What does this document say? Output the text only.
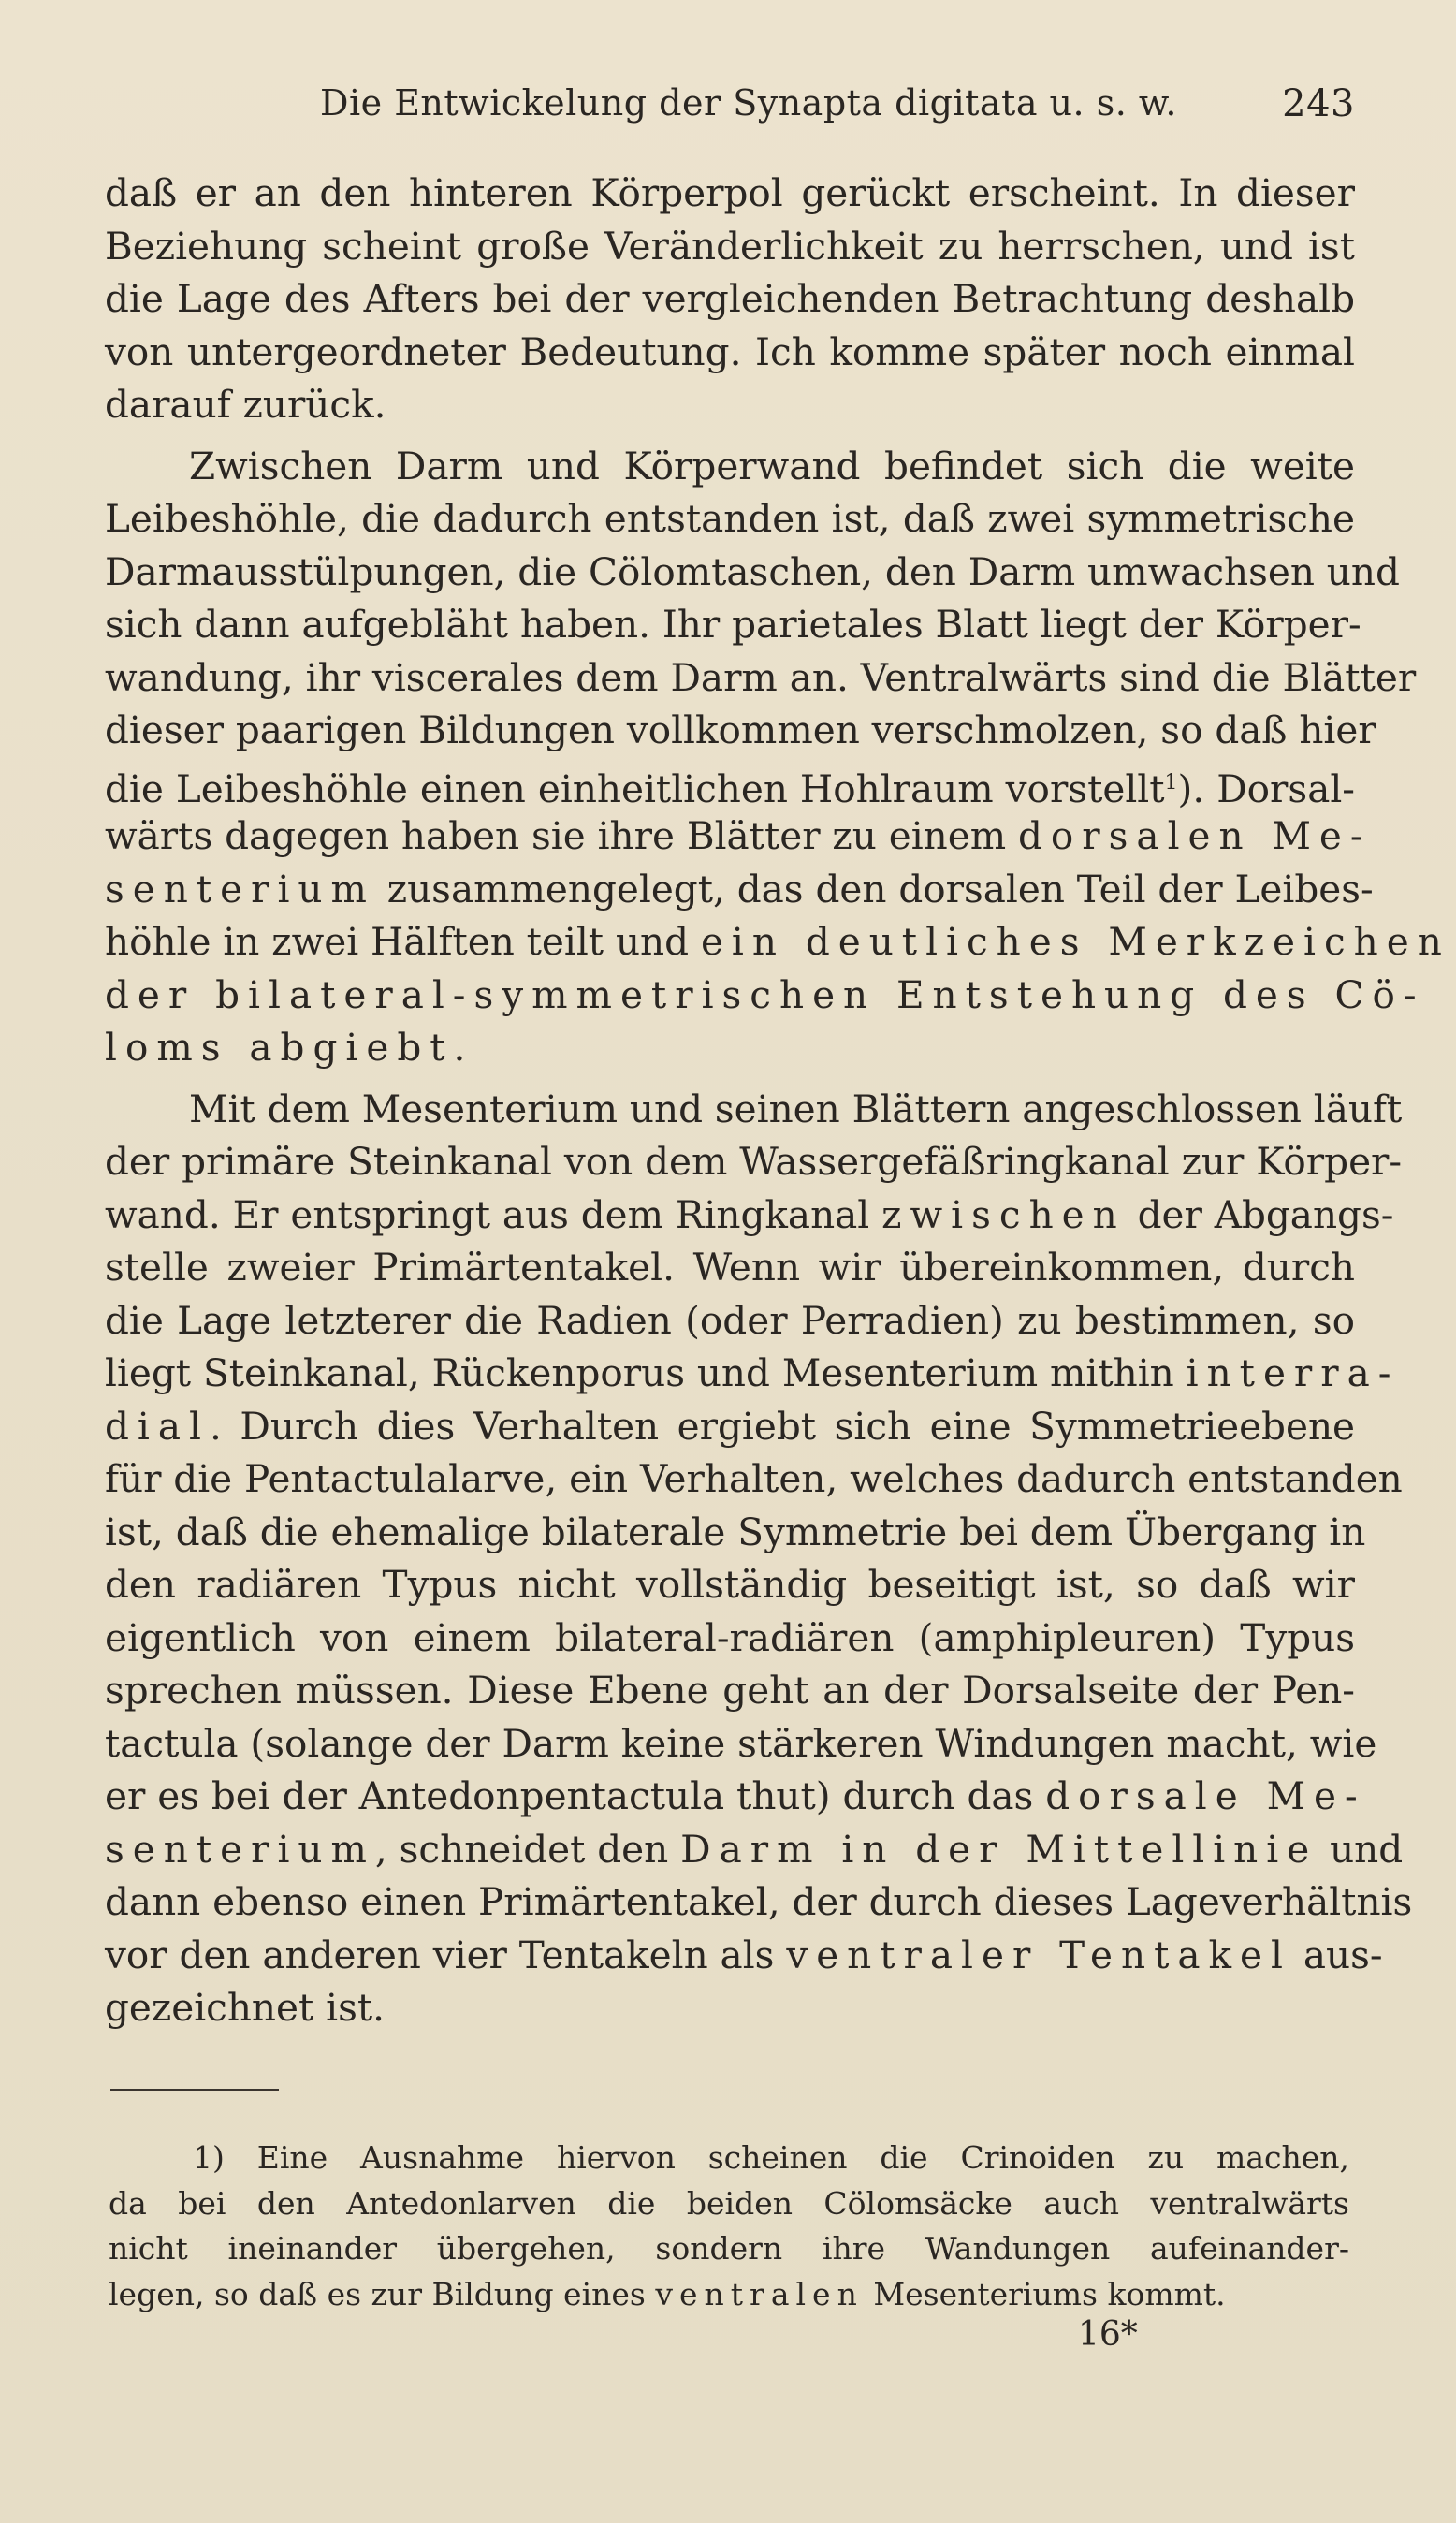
Die Entwickelung der Synapta digitata u. s. w.	243
daß er an den hinteren Körperpol gerückt erscheint. In dieser
Beziehung scheint große Veränderlichkeit zu herrschen, und ist
die Lage des Afters bei der vergleichenden Betrachtung deshalb
von untergeordneter Bedeutung. Ich komme später noch einmal
darauf zurück.
Zwischen Darm und Körperwand befindet sich die weite
Leibeshöhle, die dadurch entstanden ist, daß zwei symmetrische
Darmausstülpungen, die Cölomtaschen, den Darm umwachsen und
sich dann aufgebläht haben. Ihr parietales Blatt liegt der Körper-
wandung, ihr viscerales dem Darm an. Ventralwärts sind die Blätter
dieser paarigen Bildungen vollkommen verschmolzen, so daß hier
die Leibeshöhle einen einheitlichen Hohlraum vorstellt$^1$). Dorsal-
wärts dagegen haben sie ihre Blätter zu einem dorsalen Me-
senterium zusammengelegt, das den dorsalen Teil der Leibes-
höhle in zwei Hälften teilt und ein deutliches Merkzeichen
der bilateral-symmetrischen Entstehung des Cö-
loms abgiebt.
Mit dem Mesenterium und seinen Blättern angeschlossen läuft
der primäre Steinkanal von dem Wassergefäßringkanal zur Körper-
wand. Er entspringt aus dem Ringkanal zwischen der Abgangs-
stelle zweier Primärtentakel. Wenn wir übereinkommen, durch
die Lage letzterer die Radien (oder Perradien) zu bestimmen, so
liegt Steinkanal, Rückenporus und Mesenterium mithin interra-
dial. Durch dies Verhalten ergiebt sich eine Symmetrieebene
für die Pentactulalarve, ein Verhalten, welches dadurch entstanden
ist, daß die ehemalige bilaterale Symmetrie bei dem Übergang in
den radiären Typus nicht vollständig beseitigt ist, so daß wir
eigentlich von einem bilateral-radiären (amphipleuren) Typus
sprechen müssen. Diese Ebene geht an der Dorsalseite der Pen-
tactula (solange der Darm keine stärkeren Windungen macht, wie
er es bei der Antedonpentactula thut) durch das dorsale Me-
senterium, schneidet den Darm in der Mittellinie und
dann ebenso einen Primärtentakel, der durch dieses Lageverhältnis
vor den anderen vier Tentakeln als ventraler Tentakel aus-
gezeichnet ist.
1) Eine Ausnahme hiervon scheinen die Crinoiden zu machen,
da bei den Antedonlarven die beiden Cölomsäcke auch ventralwärts
nicht ineinander übergehen, sondern ihre Wandungen aufeinander-
legen, so daß es zur Bildung eines ventralen Mesenteriums kommt.
16*
